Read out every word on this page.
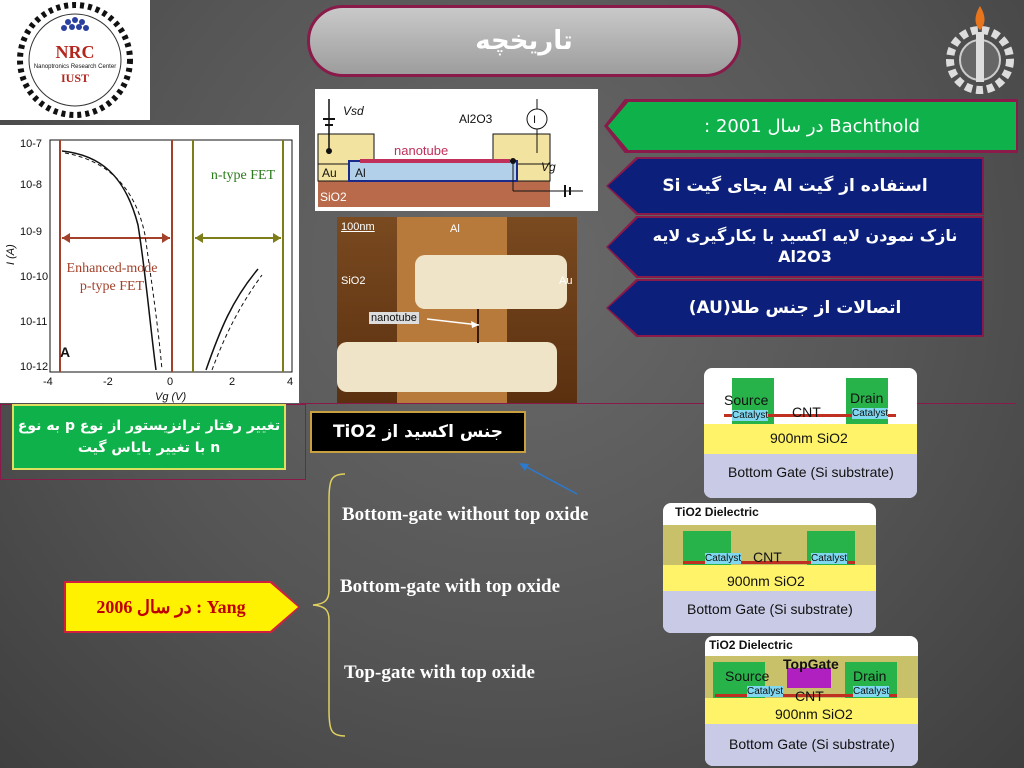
NRC
Nanoptronics Research Center
IUST
تاریخچه
Bachthold در سال 2001 :
استفاده از گیت Al بجای گیت Si
نازک نمودن لایه اکسید با بکارگیری لایه Al2O3
اتصالات از جنس طلا(AU)
Vsd
Al2O3
nanotube
Vg
I
Au Al
SiO2
100nm	Al
SiO2	Au
nanotube
10-7
10-8
10-9
10-10
10-11
10-12
-4	-2	0	2	4
Vg (V)
I (A)
A
n-type FET
Enhanced-mode p-type FET
تغییر رفتار ترانزیستور از نوع p به نوع n با تغییر بایاس گیت
جنس اکسید از TiO2
Yang : در سال 2006
Bottom-gate without top oxide
Bottom-gate with top oxide
Top-gate with top oxide
Source	Drain
CNT
Catalyst	Catalyst
900nm SiO2
Bottom Gate (Si substrate)
TiO2 Dielectric
CNT
Catalyst	Catalyst
900nm SiO2
Bottom Gate (Si substrate)
TiO2 Dielectric
TopGate
Source	Drain
CNT
Catalyst	Catalyst
900nm SiO2
Bottom Gate (Si substrate)
